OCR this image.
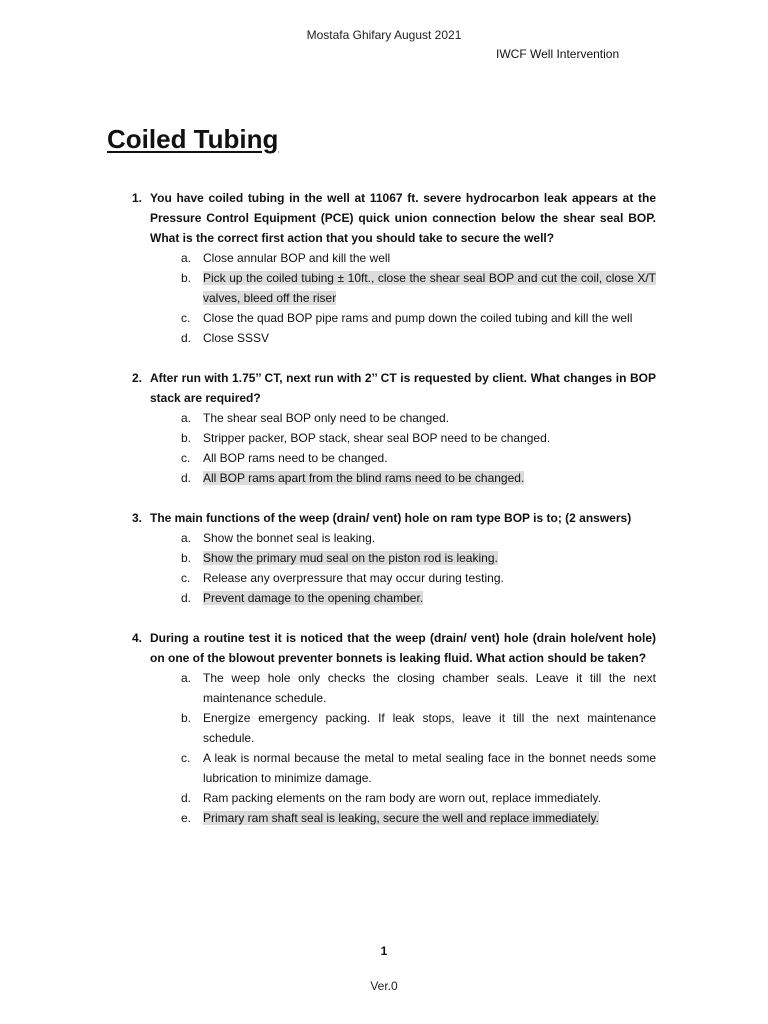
Mostafa Ghifary August 2021
IWCF Well Intervention
Coiled Tubing
1. You have coiled tubing in the well at 11067 ft. severe hydrocarbon leak appears at the Pressure Control Equipment (PCE) quick union connection below the shear seal BOP. What is the correct first action that you should take to secure the well?
a. Close annular BOP and kill the well
b. Pick up the coiled tubing ± 10ft., close the shear seal BOP and cut the coil, close X/T valves, bleed off the riser
c.	Close the quad BOP pipe rams and pump down the coiled tubing and kill the well
d. Close SSSV
2. After run with 1.75’’ CT, next run with 2’’ CT is requested by client. What changes in BOP stack are required?
a. The shear seal BOP only need to be changed.
b. Stripper packer, BOP stack, shear seal BOP need to be changed.
c.	All BOP rams need to be changed.
d. All BOP rams apart from the blind rams need to be changed.
3. The main functions of the weep (drain/ vent) hole on ram type BOP is to; (2 answers)
a. Show the bonnet seal is leaking.
b. Show the primary mud seal on the piston rod is leaking.
c.	Release any overpressure that may occur during testing.
d. Prevent damage to the opening chamber.
4. During a routine test it is noticed that the weep (drain/ vent) hole (drain hole/vent hole) on one of the blowout preventer bonnets is leaking fluid. What action should be taken?
a. The weep hole only checks the closing chamber seals. Leave it till the next maintenance schedule.
b. Energize emergency packing. If leak stops, leave it till the next maintenance schedule.
c.	A leak is normal because the metal to metal sealing face in the bonnet needs some lubrication to minimize damage.
d. Ram packing elements on the ram body are worn out, replace immediately.
e. Primary ram shaft seal is leaking, secure the well and replace immediately.
1
Ver.0
